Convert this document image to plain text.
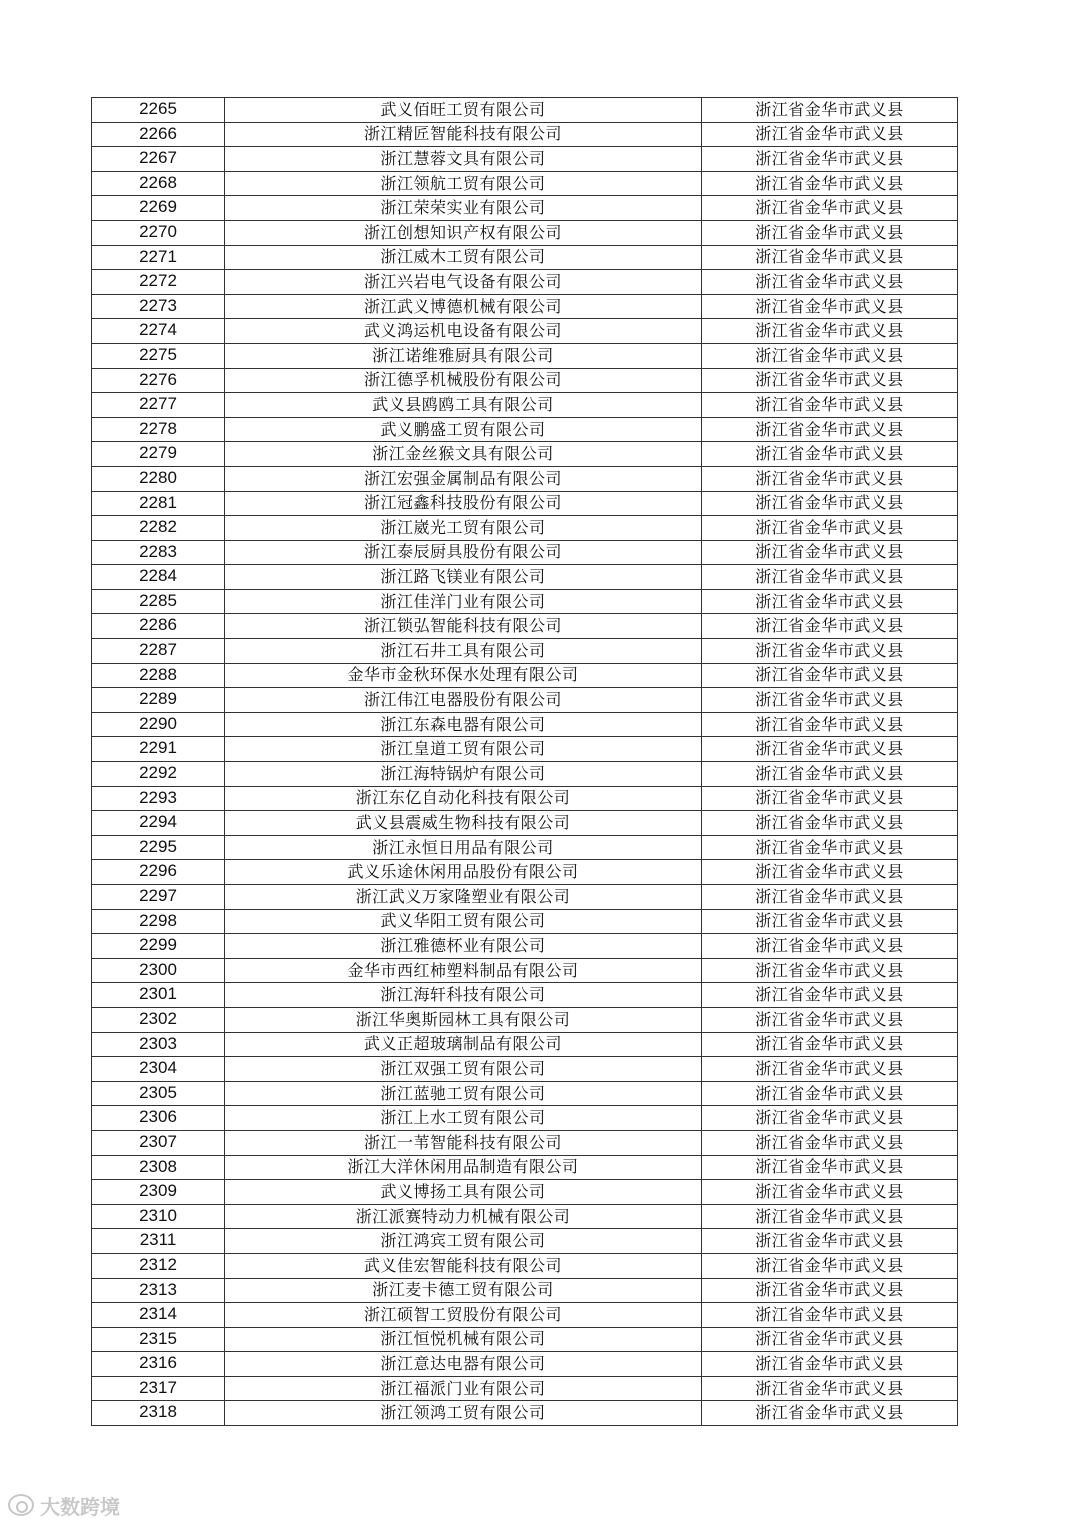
2265	武义佰旺工贸有限公司	浙江省金华市武义县
2266	浙江精匠智能科技有限公司	浙江省金华市武义县
2267	浙江慧蓉文具有限公司	浙江省金华市武义县
2268	浙江领航工贸有限公司	浙江省金华市武义县
2269	浙江荣荣实业有限公司	浙江省金华市武义县
2270	浙江创想知识产权有限公司	浙江省金华市武义县
2271	浙江威木工贸有限公司	浙江省金华市武义县
2272	浙江兴岩电气设备有限公司	浙江省金华市武义县
2273	浙江武义博德机械有限公司	浙江省金华市武义县
2274	武义鸿运机电设备有限公司	浙江省金华市武义县
2275	浙江诺维雅厨具有限公司	浙江省金华市武义县
2276	浙江德孚机械股份有限公司	浙江省金华市武义县
2277	武义县鸥鸥工具有限公司	浙江省金华市武义县
2278	武义鹏盛工贸有限公司	浙江省金华市武义县
2279	浙江金丝猴文具有限公司	浙江省金华市武义县
2280	浙江宏强金属制品有限公司	浙江省金华市武义县
2281	浙江冠鑫科技股份有限公司	浙江省金华市武义县
2282	浙江崴光工贸有限公司	浙江省金华市武义县
2283	浙江泰辰厨具股份有限公司	浙江省金华市武义县
2284	浙江路飞镁业有限公司	浙江省金华市武义县
2285	浙江佳洋门业有限公司	浙江省金华市武义县
2286	浙江锁弘智能科技有限公司	浙江省金华市武义县
2287	浙江石井工具有限公司	浙江省金华市武义县
2288	金华市金秋环保水处理有限公司	浙江省金华市武义县
2289	浙江伟江电器股份有限公司	浙江省金华市武义县
2290	浙江东森电器有限公司	浙江省金华市武义县
2291	浙江皇道工贸有限公司	浙江省金华市武义县
2292	浙江海特锅炉有限公司	浙江省金华市武义县
2293	浙江东亿自动化科技有限公司	浙江省金华市武义县
2294	武义县震威生物科技有限公司	浙江省金华市武义县
2295	浙江永恒日用品有限公司	浙江省金华市武义县
2296	武义乐途休闲用品股份有限公司	浙江省金华市武义县
2297	浙江武义万家隆塑业有限公司	浙江省金华市武义县
2298	武义华阳工贸有限公司	浙江省金华市武义县
2299	浙江雅德杯业有限公司	浙江省金华市武义县
2300	金华市西红柿塑料制品有限公司	浙江省金华市武义县
2301	浙江海轩科技有限公司	浙江省金华市武义县
2302	浙江华奥斯园林工具有限公司	浙江省金华市武义县
2303	武义正超玻璃制品有限公司	浙江省金华市武义县
2304	浙江双强工贸有限公司	浙江省金华市武义县
2305	浙江蓝驰工贸有限公司	浙江省金华市武义县
2306	浙江上水工贸有限公司	浙江省金华市武义县
2307	浙江一苇智能科技有限公司	浙江省金华市武义县
2308	浙江大洋休闲用品制造有限公司	浙江省金华市武义县
2309	武义博扬工具有限公司	浙江省金华市武义县
2310	浙江派赛特动力机械有限公司	浙江省金华市武义县
2311	浙江鸿宾工贸有限公司	浙江省金华市武义县
2312	武义佳宏智能科技有限公司	浙江省金华市武义县
2313	浙江麦卡德工贸有限公司	浙江省金华市武义县
2314	浙江硕智工贸股份有限公司	浙江省金华市武义县
2315	浙江恒悦机械有限公司	浙江省金华市武义县
2316	浙江意达电器有限公司	浙江省金华市武义县
2317	浙江福派门业有限公司	浙江省金华市武义县
2318	浙江领鸿工贸有限公司	浙江省金华市武义县
大数跨境
